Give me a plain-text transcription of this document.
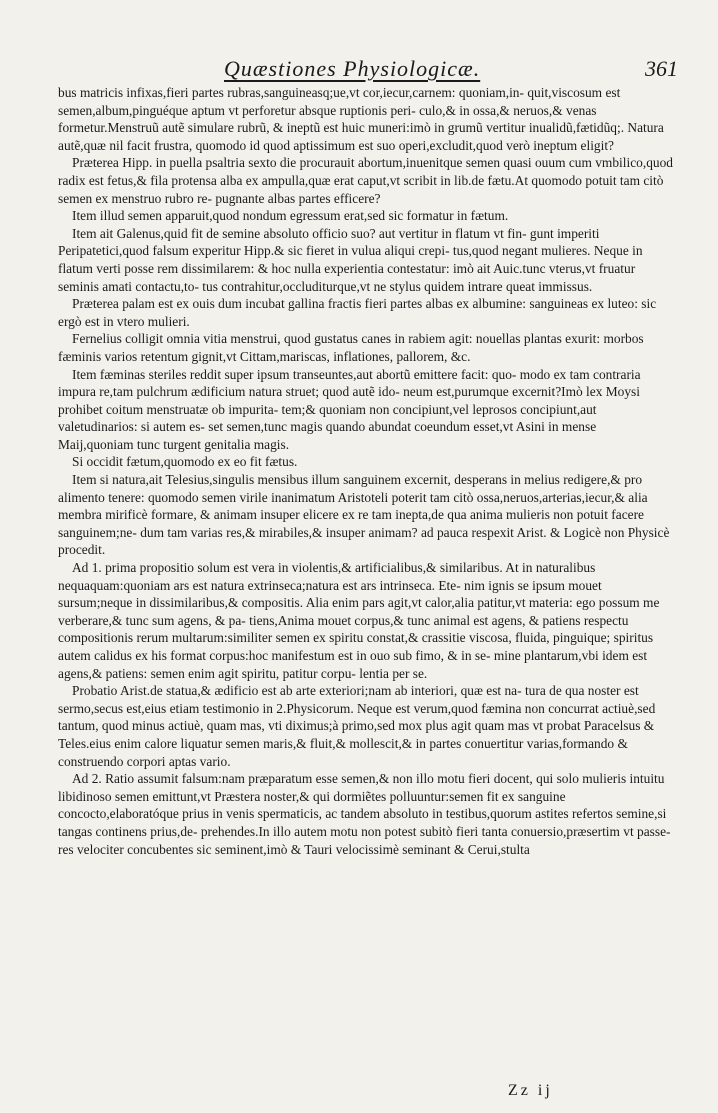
Quæstiones Physiologicæ.	361

bus matricis infixas,fieri partes rubras,sanguineasq;ue,vt cor,iecur,carnem: quoniam,in- quit,viscosum est semen,album,pinguéque aptum vt perforetur absque ruptionis peri- culo,& in ossa,& neruos,& venas formetur.Menstruũ autẽ simulare rubrũ, & ineptũ est huic muneri:imò in grumũ vertitur inualidũ,fætidũq;. Natura autẽ,quæ nil facit frustra, quomodo id quod aptissimum est suo operi,excludit,quod verò ineptum eligit?

Præterea Hipp. in puella psaltria sexto die procurauit abortum,inuenitque semen quasi ouum cum vmbilico,quod radix est fetus,& fila protensa alba ex ampulla,quæ erat caput,vt scribit in lib.de fætu.At quomodo potuit tam citò semen ex menstruo rubro re- pugnante albas partes efficere?

Item illud semen apparuit,quod nondum egressum erat,sed sic formatur in fætum.

Item ait Galenus,quid fit de semine absoluto officio suo? aut vertitur in flatum vt fin- gunt imperiti Peripatetici,quod falsum experitur Hipp.& sic fieret in vulua aliqui crepi- tus,quod negant mulieres. Neque in flatum verti posse rem dissimilarem: & hoc nulla experientia contestatur: imò ait Auic.tunc vterus,vt fruatur seminis amati contactu,to- tus contrahitur,occluditurque,vt ne stylus quidem intrare queat immissus.

Præterea palam est ex ouis dum incubat gallina fractis fieri partes albas ex albumine: sanguineas ex luteo: sic ergò est in vtero mulieri.

Fernelius colligit omnia vitia menstrui, quod gustatus canes in rabiem agit: nouellas plantas exurit: morbos fæminis varios retentum gignit,vt Cittam,mariscas, inflationes, pallorem, &c.

Item fæminas steriles reddit super ipsum transeuntes,aut abortũ emittere facit: quo- modo ex tam contraria impura re,tam pulchrum ædificium natura struet; quod autẽ ido- neum est,purumque excernit?Imò lex Moysi prohibet coitum menstruatæ ob impurita- tem;& quoniam non concipiunt,vel leprosos concipiunt,aut valetudinarios: si autem es- set semen,tunc magis quando abundat coeundum esset,vt Asini in mense Maij,quoniam tunc turgent genitalia magis.

Si occidit fætum,quomodo ex eo fit fætus.

Item si natura,ait Telesius,singulis mensibus illum sanguinem excernit, desperans in melius redigere,& pro alimento tenere: quomodo semen virile inanimatum Aristoteli poterit tam citò ossa,neruos,arterias,iecur,& alia membra mirificè formare, & animam insuper elicere ex re tam inepta,de qua anima mulieris non potuit facere sanguinem;ne- dum tam varias res,& mirabiles,& insuper animam? ad pauca respexit Arist. & Logicè non Physicè procedit.

Ad 1. prima propositio solum est vera in violentis,& artificialibus,& similaribus. At in naturalibus nequaquam:quoniam ars est natura extrinseca;natura est ars intrinseca. Ete- nim ignis se ipsum mouet sursum;neque in dissimilaribus,& compositis. Alia enim pars agit,vt calor,alia patitur,vt materia: ego possum me verberare,& tunc sum agens, & pa- tiens,Anima mouet corpus,& tunc animal est agens, & patiens respectu compositionis rerum multarum:similiter semen ex spiritu constat,& crassitie viscosa, fluida, pinguique; spiritus autem calidus ex his format corpus:hoc manifestum est in ouo sub fimo, & in se- mine plantarum,vbi idem est agens,& patiens: semen enim agit spiritu, patitur corpu- lentia per se.

Probatio Arist.de statua,& ædificio est ab arte exteriori;nam ab interiori, quæ est na- tura de qua noster est sermo,secus est,eius etiam testimonio in 2.Physicorum. Neque est verum,quod fæmina non concurrat actiuè,sed tantum, quod minus actiuè, quam mas, vti diximus;à primo,sed mox plus agit quam mas vt probat Paracelsus & Teles.eius enim calore liquatur semen maris,& fluit,& mollescit,& in partes conuertitur varias,formando & construendo corpori aptas vario.

Ad 2. Ratio assumit falsum:nam præparatum esse semen,& non illo motu fieri docent, qui solo mulieris intuitu libidinoso semen emittunt,vt Præstera noster,& qui dormiẽtes polluuntur:semen fit ex sanguine concocto,elaboratóque prius in venis spermaticis, ac tandem absoluto in testibus,quorum astites refertos semine,si tangas continens prius,de- prehendes.In illo autem motu non potest subitò fieri tanta conuersio,præsertim vt passe- res velociter concubentes sic seminent,imò & Tauri velocissimè seminant & Cerui,stulta

Zz ij
